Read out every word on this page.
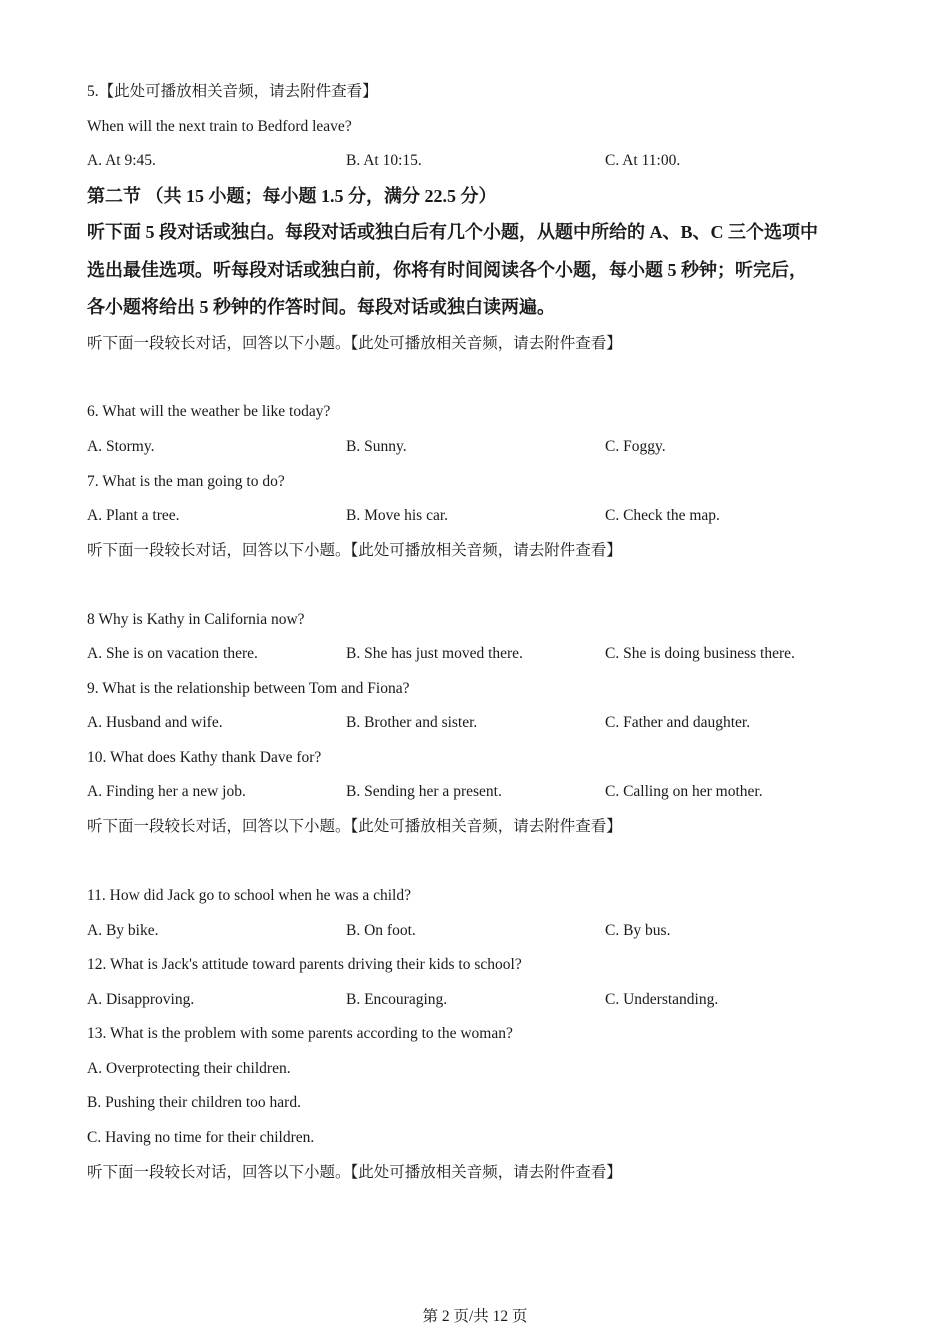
5.【此处可播放相关音频，请去附件查看】
When will the next train to Bedford leave?
A. At 9:45.	B. At 10:15.	C. At 11:00.
第二节 （共 15 小题；每小题 1.5 分，满分 22.5 分）
听下面 5 段对话或独白。每段对话或独白后有几个小题，从题中所给的 A、B、C 三个选项中
选出最佳选项。听每段对话或独白前，你将有时间阅读各个小题，每小题 5 秒钟；听完后，
各小题将给出 5 秒钟的作答时间。每段对话或独白读两遍。
听下面一段较长对话，回答以下小题。【此处可播放相关音频，请去附件查看】
6. What will the weather be like today?
A. Stormy.	B. Sunny.	C. Foggy.
7. What is the man going to do?
A. Plant a tree.	B. Move his car.	C. Check the map.
听下面一段较长对话，回答以下小题。【此处可播放相关音频，请去附件查看】
8 Why is Kathy in California now?
A. She is on vacation there.	B. She has just moved there.	C. She is doing business there.
9. What is the relationship between Tom and Fiona?
A. Husband and wife.	B. Brother and sister.	C. Father and daughter.
10. What does Kathy thank Dave for?
A. Finding her a new job.	B. Sending her a present.	C. Calling on her mother.
听下面一段较长对话，回答以下小题。【此处可播放相关音频，请去附件查看】
11. How did Jack go to school when he was a child?
A. By bike.	B. On foot.	C. By bus.
12. What is Jack's attitude toward parents driving their kids to school?
A. Disapproving.	B. Encouraging.	C. Understanding.
13. What is the problem with some parents according to the woman?
A. Overprotecting their children.
B. Pushing their children too hard.
C. Having no time for their children.
听下面一段较长对话，回答以下小题。【此处可播放相关音频，请去附件查看】
第 2 页/共 12 页
